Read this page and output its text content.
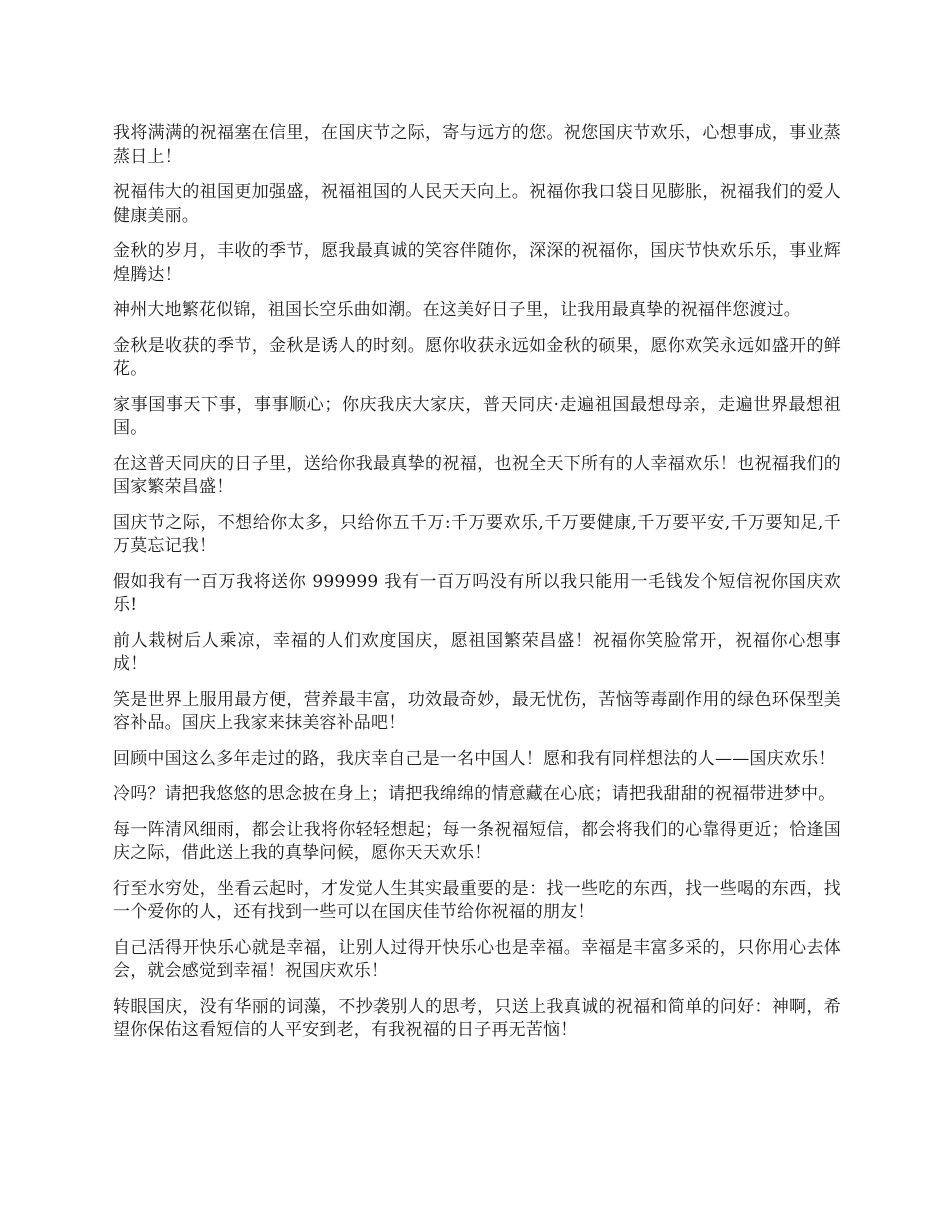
我将满满的祝福塞在信里，在国庆节之际，寄与远方的您。祝您国庆节欢乐，心想事成，事业蒸蒸日上！

祝福伟大的祖国更加强盛，祝福祖国的人民天天向上。祝福你我口袋日见膨胀，祝福我们的爱人健康美丽。

金秋的岁月，丰收的季节，愿我最真诚的笑容伴随你，深深的祝福你，国庆节快欢乐乐，事业辉煌腾达！

神州大地繁花似锦，祖国长空乐曲如潮。在这美好日子里，让我用最真挚的祝福伴您渡过。

金秋是收获的季节，金秋是诱人的时刻。愿你收获永远如金秋的硕果，愿你欢笑永远如盛开的鲜花。

家事国事天下事，事事顺心；你庆我庆大家庆，普天同庆·走遍祖国最想母亲，走遍世界最想祖国。

在这普天同庆的日子里，送给你我最真挚的祝福，也祝全天下所有的人幸福欢乐！也祝福我们的国家繁荣昌盛！

国庆节之际，不想给你太多，只给你五千万:千万要欢乐,千万要健康,千万要平安,千万要知足,千万莫忘记我！

假如我有一百万我将送你 999999 我有一百万吗没有所以我只能用一毛钱发个短信祝你国庆欢乐!

前人栽树后人乘凉，幸福的人们欢度国庆，愿祖国繁荣昌盛！祝福你笑脸常开，祝福你心想事成！

笑是世界上服用最方便，营养最丰富，功效最奇妙，最无忧伤，苦恼等毒副作用的绿色环保型美容补品。国庆上我家来抹美容补品吧！

回顾中国这么多年走过的路，我庆幸自己是一名中国人！愿和我有同样想法的人——国庆欢乐！

冷吗？请把我悠悠的思念披在身上；请把我绵绵的情意藏在心底；请把我甜甜的祝福带进梦中。

每一阵清风细雨，都会让我将你轻轻想起；每一条祝福短信，都会将我们的心靠得更近；恰逢国庆之际，借此送上我的真挚问候，愿你天天欢乐！

行至水穷处，坐看云起时，才发觉人生其实最重要的是：找一些吃的东西，找一些喝的东西，找一个爱你的人，还有找到一些可以在国庆佳节给你祝福的朋友！

自己活得开快乐心就是幸福，让别人过得开快乐心也是幸福。幸福是丰富多采的，只你用心去体会，就会感觉到幸福！祝国庆欢乐！

转眼国庆，没有华丽的词藻，不抄袭别人的思考，只送上我真诚的祝福和简单的问好：神啊，希望你保佑这看短信的人平安到老，有我祝福的日子再无苦恼！
